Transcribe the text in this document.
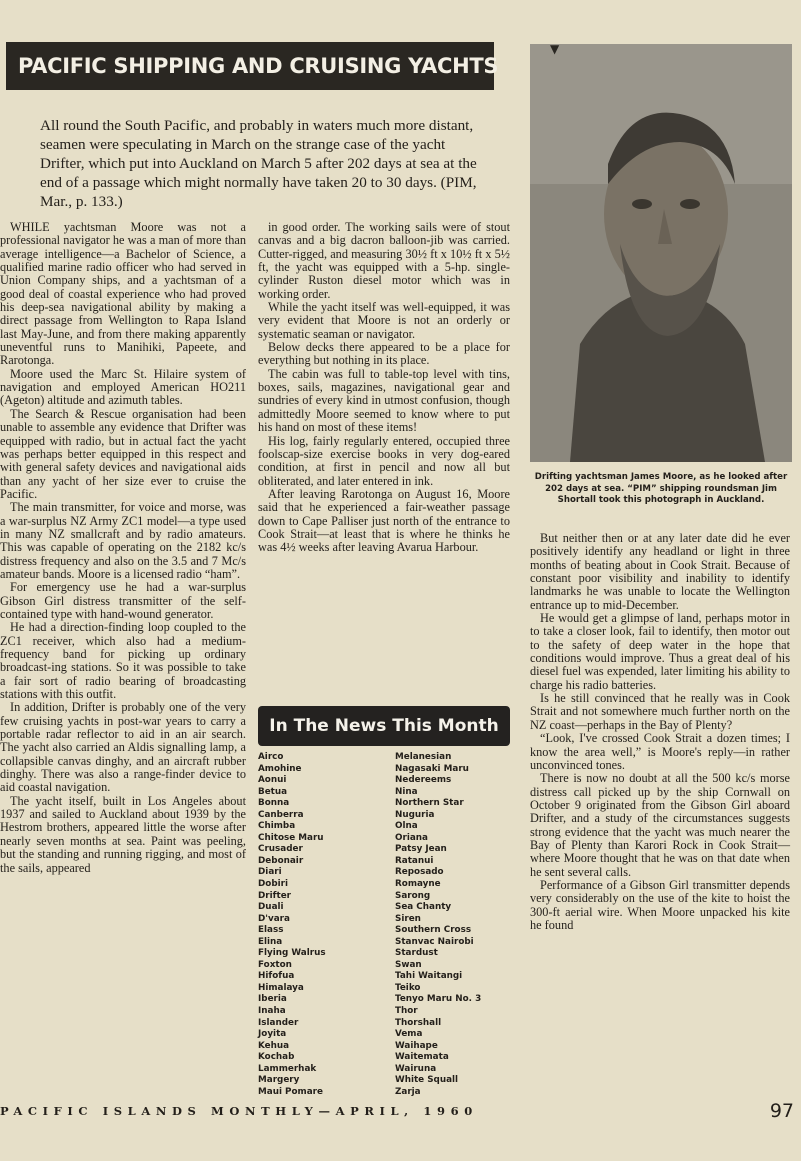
PACIFIC SHIPPING AND CRUISING YACHTS
All round the South Pacific, and probably in waters much more distant, seamen were speculating in March on the strange case of the yacht Drifter, which put into Auckland on March 5 after 202 days at sea at the end of a passage which might normally have taken 20 to 30 days. (PIM, Mar., p. 133.)

WHILE yachtsman Moore was not a professional navigator he was a man of more than average intelligence—a Bachelor of Science, a qualified marine radio officer who had served in Union Company ships, and a yachtsman of a good deal of coastal experience who had proved his deep-sea navigational ability by making a direct passage from Wellington to Rapa Island last May-June, and from there making apparently uneventful runs to Manihiki, Papeete, and Rarotonga.

Moore used the Marc St. Hilaire system of navigation and employed American HO211 (Ageton) altitude and azimuth tables.

The Search & Rescue organisation had been unable to assemble any evidence that Drifter was equipped with radio, but in actual fact the yacht was perhaps better equipped in this respect and with general safety devices and navigational aids than any yacht of her size ever to cruise the Pacific.

The main transmitter, for voice and morse, was a war-surplus NZ Army ZC1 model—a type used in many NZ smallcraft and by radio amateurs. This was capable of operating on the 2182 kc/s distress frequency and also on the 3.5 and 7 Mc/s amateur bands. Moore is a licensed radio “ham”.

For emergency use he had a war-surplus Gibson Girl distress transmitter of the self-contained type with hand-wound generator.

He had a direction-finding loop coupled to the ZC1 receiver, which also had a medium-frequency band for picking up ordinary broadcast-ing stations. So it was possible to take a fair sort of radio bearing of broadcasting stations with this outfit.

In addition, Drifter is probably one of the very few cruising yachts in post-war years to carry a portable radar reflector to aid in an air search. The yacht also carried an Aldis signalling lamp, a collapsible canvas dinghy, and an aircraft rubber dinghy. There was also a range-finder device to aid coastal navigation.

The yacht itself, built in Los Angeles about 1937 and sailed to Auckland about 1939 by the Hestrom brothers, appeared little the worse after nearly seven months at sea. Paint was peeling, but the standing and running rigging, and most of the sails, appeared

in good order. The working sails were of stout canvas and a big dacron balloon-jib was carried. Cutter-rigged, and measuring 30½ ft x 10½ ft x 5½ ft, the yacht was equipped with a 5-hp. single-cylinder Ruston diesel motor which was in working order.

While the yacht itself was well-equipped, it was very evident that Moore is not an orderly or systematic seaman or navigator.

Below decks there appeared to be a place for everything but nothing in its place.

The cabin was full to table-top level with tins, boxes, sails, magazines, navigational gear and sundries of every kind in utmost confusion, though admittedly Moore seemed to know where to put his hand on most of these items!

His log, fairly regularly entered, occupied three foolscap-size exercise books in very dog-eared condition, at first in pencil and now all but obliterated, and later entered in ink.

After leaving Rarotonga on August 16, Moore said that he experienced a fair-weather passage down to Cape Palliser just north of the entrance to Cook Strait—at least that is where he thinks he was 4½ weeks after leaving Avarua Harbour.

▼
Drifting yachtsman James Moore, as he looked after 202 days at sea. “PIM” shipping roundsman Jim Shortall took this photograph in Auckland.

But neither then or at any later date did he ever positively identify any headland or light in three months of beating about in Cook Strait. Because of constant poor visibility and inability to identify landmarks he was unable to locate the Wellington entrance up to mid-December.

He would get a glimpse of land, perhaps motor in to take a closer look, fail to identify, then motor out to the safety of deep water in the hope that conditions would improve. Thus a great deal of his diesel fuel was expended, later limiting his ability to charge his radio batteries.

Is he still convinced that he really was in Cook Strait and not somewhere much further north on the NZ coast—perhaps in the Bay of Plenty?

“Look, I've crossed Cook Strait a dozen times; I know the area well,” is Moore's reply—in rather unconvinced tones.

There is now no doubt at all the 500 kc/s morse distress call picked up by the ship Cornwall on October 9 originated from the Gibson Girl aboard Drifter, and a study of the circumstances suggests strong evidence that the yacht was much nearer the Bay of Plenty than Karori Rock in Cook Strait—where Moore thought that he was on that date when he sent several calls.

Performance of a Gibson Girl transmitter depends very considerably on the use of the kite to hoist the 300-ft aerial wire. When Moore unpacked his kite he found

In The News This Month
Airco
Amohine
Aonui
Betua
Bonna
Canberra
Chimba
Chitose Maru
Crusader
Debonair
Diari
Dobiri
Drifter
Duali
D'vara
Elass
Elina
Flying Walrus
Foxton
Hifofua
Himalaya
Iberia
Inaha
Islander
Joyita
Kehua
Kochab
Lammerhak
Margery
Maui Pomare
Melanesian
Nagasaki Maru
Nedereems
Nina
Northern Star
Nuguria
Olna
Oriana
Patsy Jean
Ratanui
Reposado
Romayne
Sarong
Sea Chanty
Siren
Southern Cross
Stanvac Nairobi
Stardust
Swan
Tahi Waitangi
Teiko
Tenyo Maru No. 3
Thor
Thorshall
Vema
Waihape
Waitemata
Wairuna
White Squall
Zarja
PACIFIC ISLANDS MONTHLY—APRIL, 1960	97
